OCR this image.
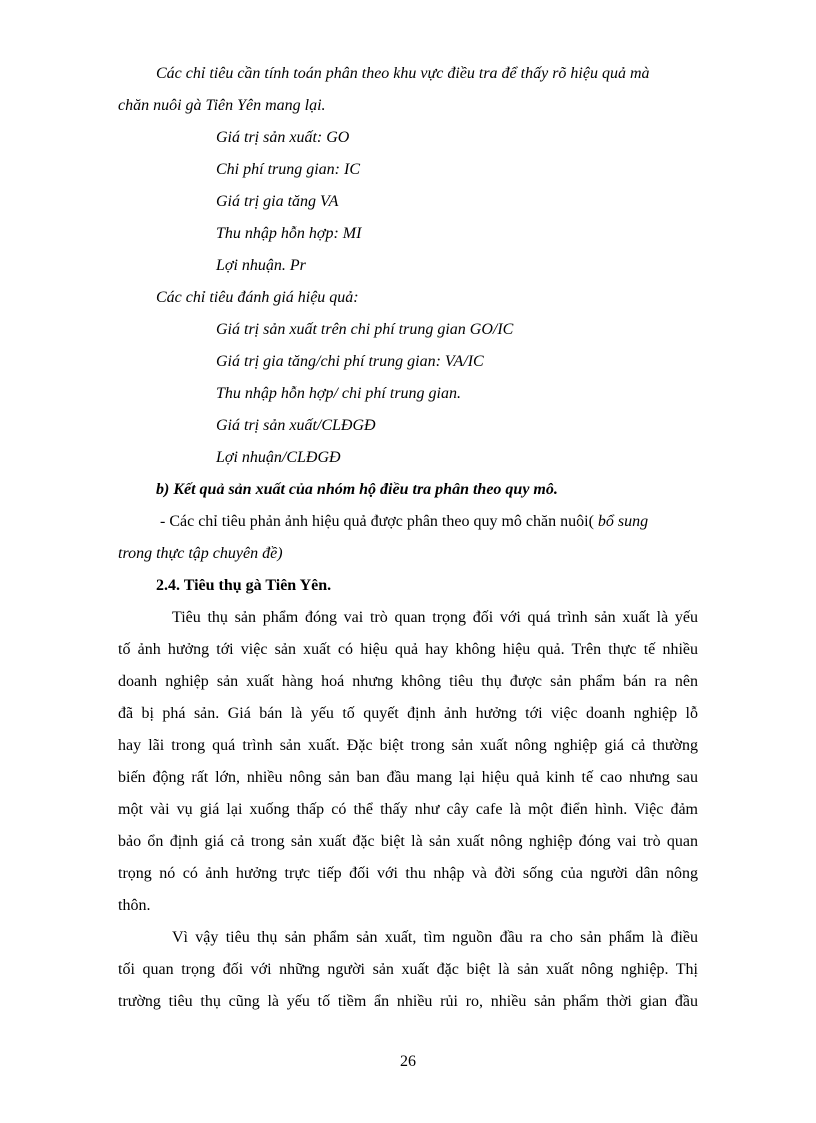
Các chỉ tiêu cần tính toán phân theo khu vực điều tra để thấy rõ hiệu quả mà
chăn nuôi gà Tiên Yên mang lại.
Giá trị sản xuất: GO
Chi phí trung gian: IC
Giá trị gia tăng VA
Thu nhập hỗn hợp: MI
Lợi nhuận. Pr
Các chỉ tiêu đánh giá hiệu quả:
Giá trị sản xuất trên chi phí trung gian GO/IC
Giá trị gia tăng/chi phí trung gian: VA/IC
Thu nhập hỗn hợp/ chi phí trung gian.
Giá trị sản xuất/CLĐGĐ
Lợi nhuận/CLĐGĐ
b) Kết quả sản xuất của nhóm hộ điều tra phân theo quy mô.
- Các chỉ tiêu phản ảnh hiệu quả được phân theo quy mô chăn nuôi( bổ sung
trong thực tập chuyên đề)
2.4. Tiêu thụ gà Tiên Yên.
Tiêu thụ sản phẩm đóng vai trò quan trọng đối với quá trình sản xuất là yếu
tố ảnh hưởng tới việc sản xuất có hiệu quả hay không hiệu quả. Trên thực tế nhiều
doanh nghiệp sản xuất hàng hoá nhưng không tiêu thụ được sản phẩm bán ra nên
đã bị phá sản. Giá bán là yếu tố quyết định ảnh hưởng tới việc doanh nghiệp lỗ
hay lãi trong quá trình sản xuất. Đặc biệt trong sản xuất nông nghiệp giá cả thường
biến động rất lớn, nhiều nông sản ban đầu mang lại hiệu quả kinh tế cao nhưng sau
một vài vụ giá lại xuống thấp có thể thấy như cây cafe là một điển hình. Việc đảm
bảo ổn định giá cả trong sản xuất đặc biệt là sản xuất nông nghiệp đóng vai trò quan
trọng nó có ảnh hưởng trực tiếp đối với thu nhập và đời sống của người dân nông
thôn.
Vì vậy tiêu thụ sản phẩm sản xuất, tìm nguồn đầu ra cho sản phẩm là điều
tối quan trọng đối với những người sản xuất đặc biệt là sản xuất nông nghiệp. Thị
trường tiêu thụ cũng là yếu tố tiềm ẩn nhiều rủi ro, nhiều sản phẩm thời gian đầu
26
